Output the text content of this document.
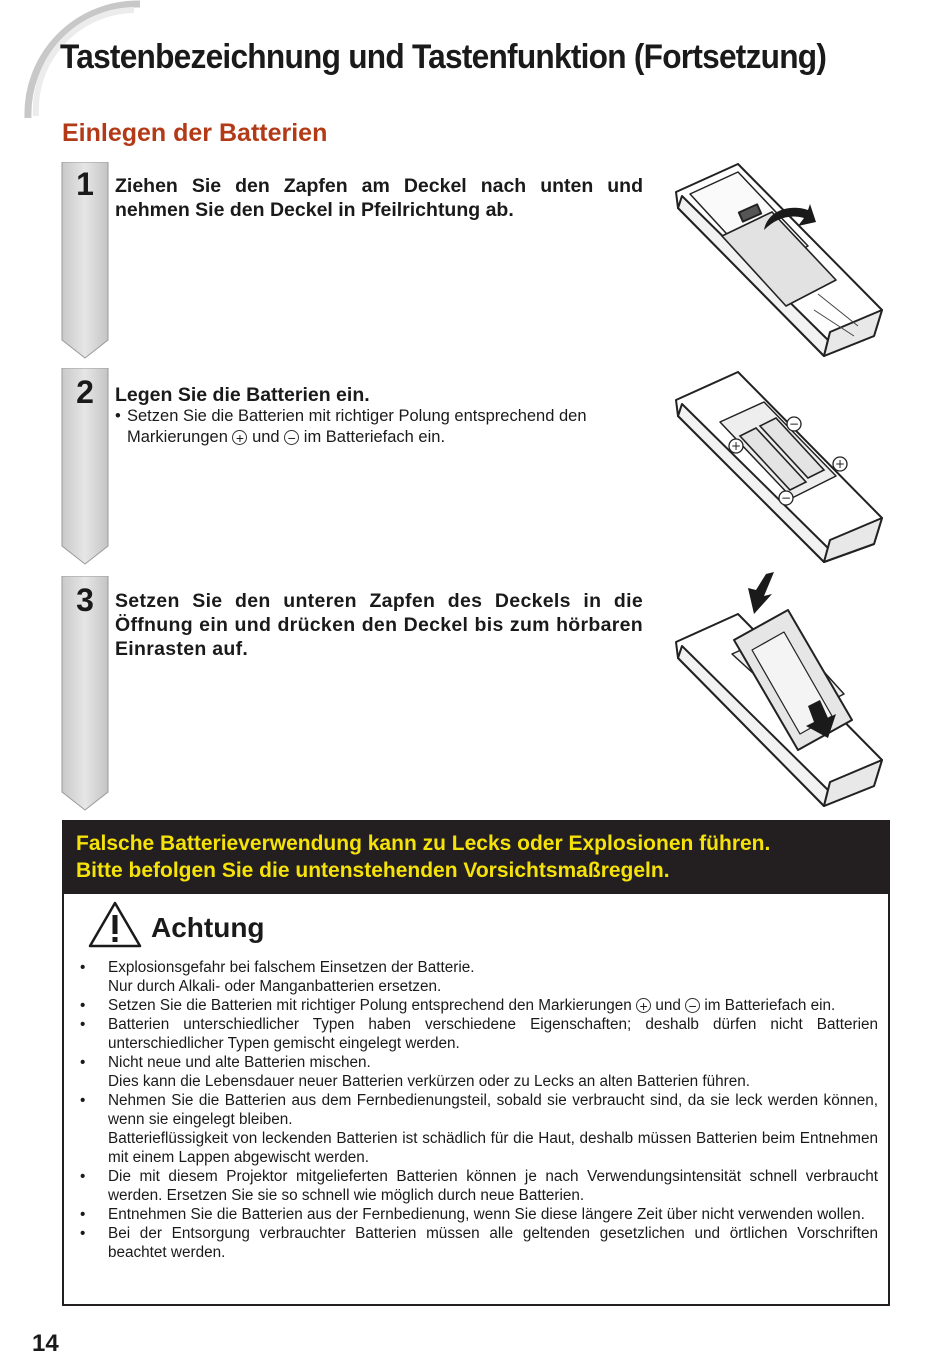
Tastenbezeichnung und Tastenfunktion (Fortsetzung)
Einlegen der Batterien
1	Ziehen Sie den Zapfen am Deckel nach unten und nehmen Sie den Deckel in Pfeilrichtung ab.
2	Legen Sie die Batterien ein.
• Setzen Sie die Batterien mit richtiger Polung entsprechend den
Markierungen + und − im Batteriefach ein.
3	Setzen Sie den unteren Zapfen des Deckels in die Öffnung ein und drücken den Deckel bis zum hörbaren Einrasten auf.
+
−
+
−
Falsche Batterieverwendung kann zu Lecks oder Explosionen führen.
Bitte befolgen Sie die untenstehenden Vorsichtsmaßregeln.
Achtung
• Explosionsgefahr bei falschem Einsetzen der Batterie.
Nur durch Alkali- oder Manganbatterien ersetzen.
• Setzen Sie die Batterien mit richtiger Polung entsprechend den Markierungen + und − im Batteriefach ein.
• Batterien unterschiedlicher Typen haben verschiedene Eigenschaften; deshalb dürfen nicht Batterien unterschiedlicher Typen gemischt eingelegt werden.
• Nicht neue und alte Batterien mischen.
Dies kann die Lebensdauer neuer Batterien verkürzen oder zu Lecks an alten Batterien führen.
• Nehmen Sie die Batterien aus dem Fernbedienungsteil, sobald sie verbraucht sind, da sie leck werden können, wenn sie eingelegt bleiben.
Batterieflüssigkeit von leckenden Batterien ist schädlich für die Haut, deshalb müssen Batterien beim Entnehmen mit einem Lappen abgewischt werden.
• Die mit diesem Projektor mitgelieferten Batterien können je nach Verwendungsintensität schnell verbraucht werden. Ersetzen Sie sie so schnell wie möglich durch neue Batterien.
• Entnehmen Sie die Batterien aus der Fernbedienung, wenn Sie diese längere Zeit über nicht verwenden wollen.
• Bei der Entsorgung verbrauchter Batterien müssen alle geltenden gesetzlichen und örtlichen Vorschriften beachtet werden.
14
